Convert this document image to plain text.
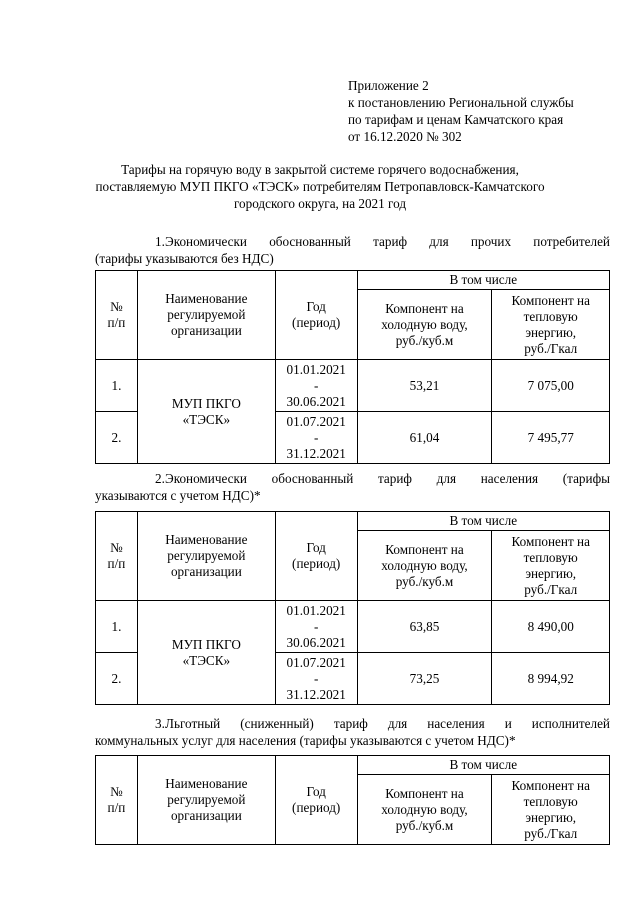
Приложение 2
к постановлению Региональной службы
по тарифам и ценам Камчатского края
от 16.12.2020 № 302
Тарифы на горячую воду в закрытой системе горячего водоснабжения,
поставляемую МУП ПКГО «ТЭСК» потребителям Петропавловск-Камчатского
городского округа, на 2021 год
1.Экономически обоснованный тариф для прочих потребителей
(тарифы указываются без НДС)
№
п/п	Наименование
регулируемой
организации	Год
(период)	В том числе	
			Компонент на
холодную воду,
руб./куб.м	Компонент на
тепловую
энергию,
руб./Гкал
1.	МУП ПКГО
«ТЭСК»	01.01.2021
-
30.06.2021	53,21	7 075,00
2.		01.07.2021
-
31.12.2021	61,04	7 495,77
2.Экономически обоснованный тариф для населения (тарифы
указываются с учетом НДС)*
№
п/п	Наименование
регулируемой
организации	Год
(период)	В том числе	
			Компонент на
холодную воду,
руб./куб.м	Компонент на
тепловую
энергию,
руб./Гкал
1.	МУП ПКГО
«ТЭСК»	01.01.2021
-
30.06.2021	63,85	8 490,00
2.		01.07.2021
-
31.12.2021	73,25	8 994,92
3.Льготный (сниженный) тариф для населения и исполнителей
коммунальных услуг для населения (тарифы указываются с учетом НДС)*
№
п/п	Наименование
регулируемой
организации	Год
(период)	В том числе	
			Компонент на
холодную воду,
руб./куб.м	Компонент на
тепловую
энергию,
руб./Гкал
